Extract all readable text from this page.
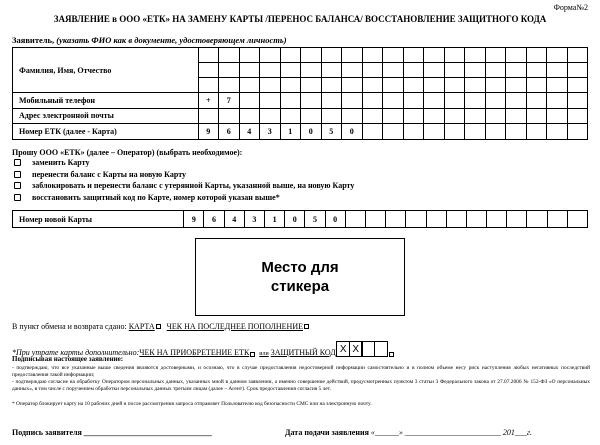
Форма№2
ЗАЯВЛЕНИЕ в ООО «ЕТК» НА ЗАМЕНУ КАРТЫ /ПЕРЕНОС БАЛАНСА/ ВОССТАНОВЛЕНИЕ ЗАЩИТНОГО КОДА
Заявитель, (указать ФИО как в документе, удостоверяющем личность)
Фамилия, Имя, Отчество																			

Мобильный телефон	+	7																	
Адрес электронной почты																			
Номер ЕТК (далее - Карта)	9	6	4	3	1	0	5	0											
Прошу ООО «ЕТК» (далее – Оператор) (выбрать необходимое):
заменить Карту
перенести баланс с Карты на новую Карту
заблокировать и перенести баланс с утерянной Карты, указанной выше, на новую Карту
восстановить защитный код по Карте, номер которой указан выше*
Номер новой Карты	9	6	4	3	1	0	5	0												
Место для
стикера
В пункт обмена и возврата сдано: КАРТА ЧЕК НА ПОСЛЕДНЕЕ ПОПОЛНЕНИЕ
*При утрате карты дополнительно: ЧЕК НА ПРИОБРЕТЕНИЕ ЕТК
или
ЗАЩИТНЫЙ КОД X X
Подписывая настоящее заявление:
- подтверждаю, что все указанные выше сведения являются достоверными, и осознаю, что в случае предоставления недостоверной информации самостоятельно и в полном объеме несу риск наступления любых негативных последствий предоставления такой информации;
- подтверждаю согласие на обработку Оператором персональных данных, указанных мной в данном заявлении, а именно совершение действий, предусмотренных пунктом 3 статьи 3 Федерального закона от 27.07.2006 № 152-ФЗ «О персональных данных», в том числе с поручением обработки персональных данных третьим лицам (далее – Агент). Срок предоставления согласия 5 лет.
* Оператор блокирует карту на 10 рабочих дней и после рассмотрения запроса отправляет Пользователю код безопасности СМС или на электронную почту.
Подпись заявителя ________________________________	Дата подачи заявления «______» ________________________ 201___г.
